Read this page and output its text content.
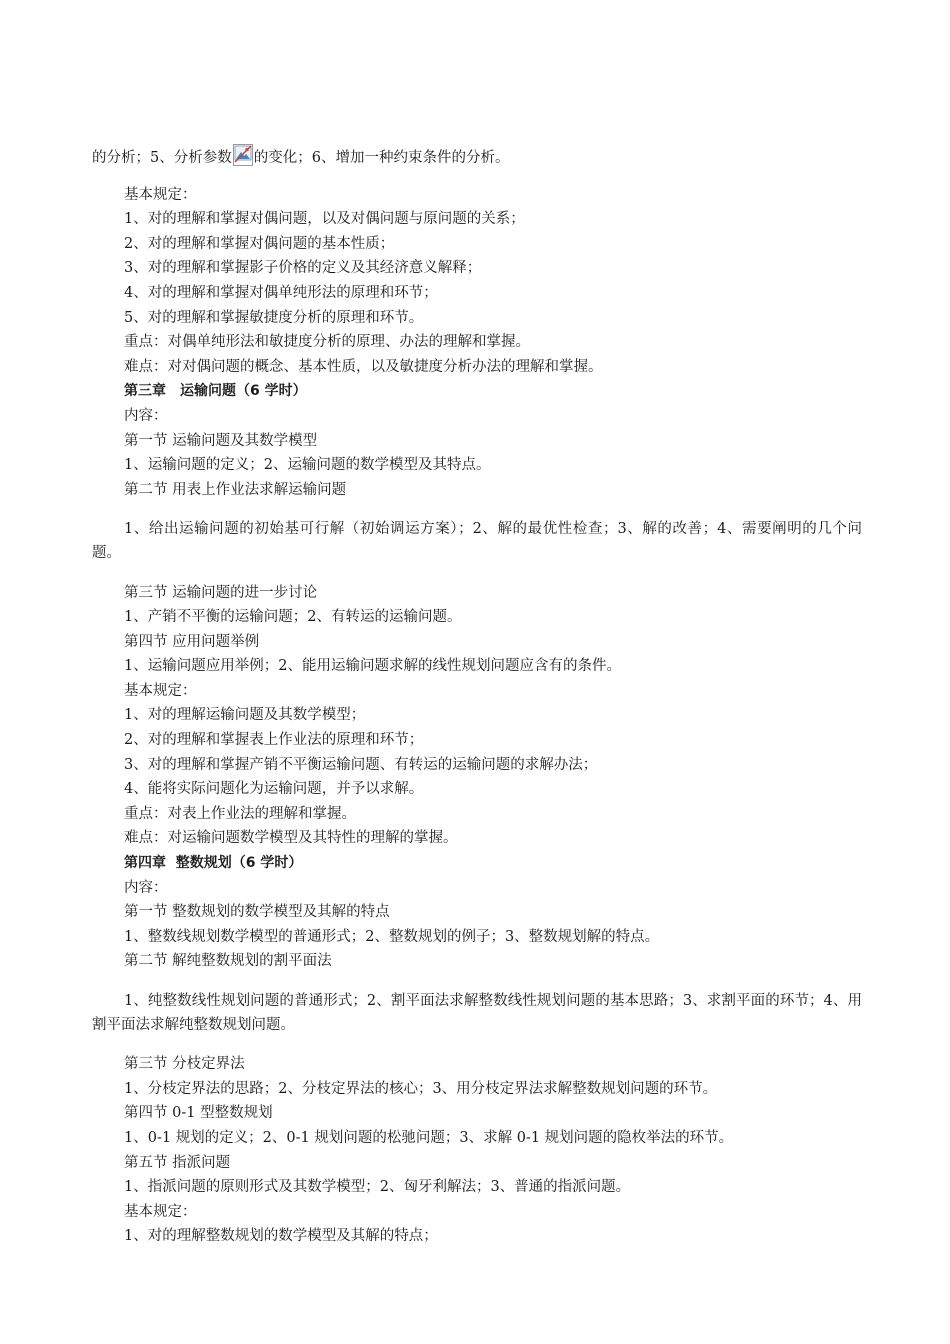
的分析；5、分析参数 的变化；6、增加一种约束条件的分析。

基本规定：

1、对的理解和掌握对偶问题，以及对偶问题与原问题的关系；

2、对的理解和掌握对偶问题的基本性质；

3、对的理解和掌握影子价格的定义及其经济意义解释；

4、对的理解和掌握对偶单纯形法的原理和环节；

5、对的理解和掌握敏捷度分析的原理和环节。

重点：对偶单纯形法和敏捷度分析的原理、办法的理解和掌握。

难点：对对偶问题的概念、基本性质，以及敏捷度分析办法的理解和掌握。

第三章　运输问题（6 学时）

内容：

第一节 运输问题及其数学模型

1、运输问题的定义；2、运输问题的数学模型及其特点。

第二节 用表上作业法求解运输问题

1、给出运输问题的初始基可行解（初始调运方案）；2、解的最优性检查；3、解的改善；4、需要阐明的几个问题。

第三节 运输问题的进一步讨论

1、产销不平衡的运输问题；2、有转运的运输问题。

第四节 应用问题举例

1、运输问题应用举例；2、能用运输问题求解的线性规划问题应含有的条件。

基本规定：

1、对的理解运输问题及其数学模型；

2、对的理解和掌握表上作业法的原理和环节；

3、对的理解和掌握产销不平衡运输问题、有转运的运输问题的求解办法；

4、能将实际问题化为运输问题，并予以求解。

重点：对表上作业法的理解和掌握。

难点：对运输问题数学模型及其特性的理解的掌握。

第四章  整数规划（6 学时）

内容：

第一节 整数规划的数学模型及其解的特点

1、整数线规划数学模型的普通形式；2、整数规划的例子；3、整数规划解的特点。

第二节 解纯整数规划的割平面法

1、纯整数线性规划问题的普通形式；2、割平面法求解整数线性规划问题的基本思路；3、求割平面的环节；4、用割平面法求解纯整数规划问题。

第三节 分枝定界法

1、分枝定界法的思路；2、分枝定界法的核心；3、用分枝定界法求解整数规划问题的环节。

第四节 0-1 型整数规划

1、0-1 规划的定义；2、0-1 规划问题的松驰问题；3、求解 0-1 规划问题的隐枚举法的环节。

第五节 指派问题

1、指派问题的原则形式及其数学模型；2、匈牙利解法；3、普通的指派问题。

基本规定：

1、对的理解整数规划的数学模型及其解的特点；
